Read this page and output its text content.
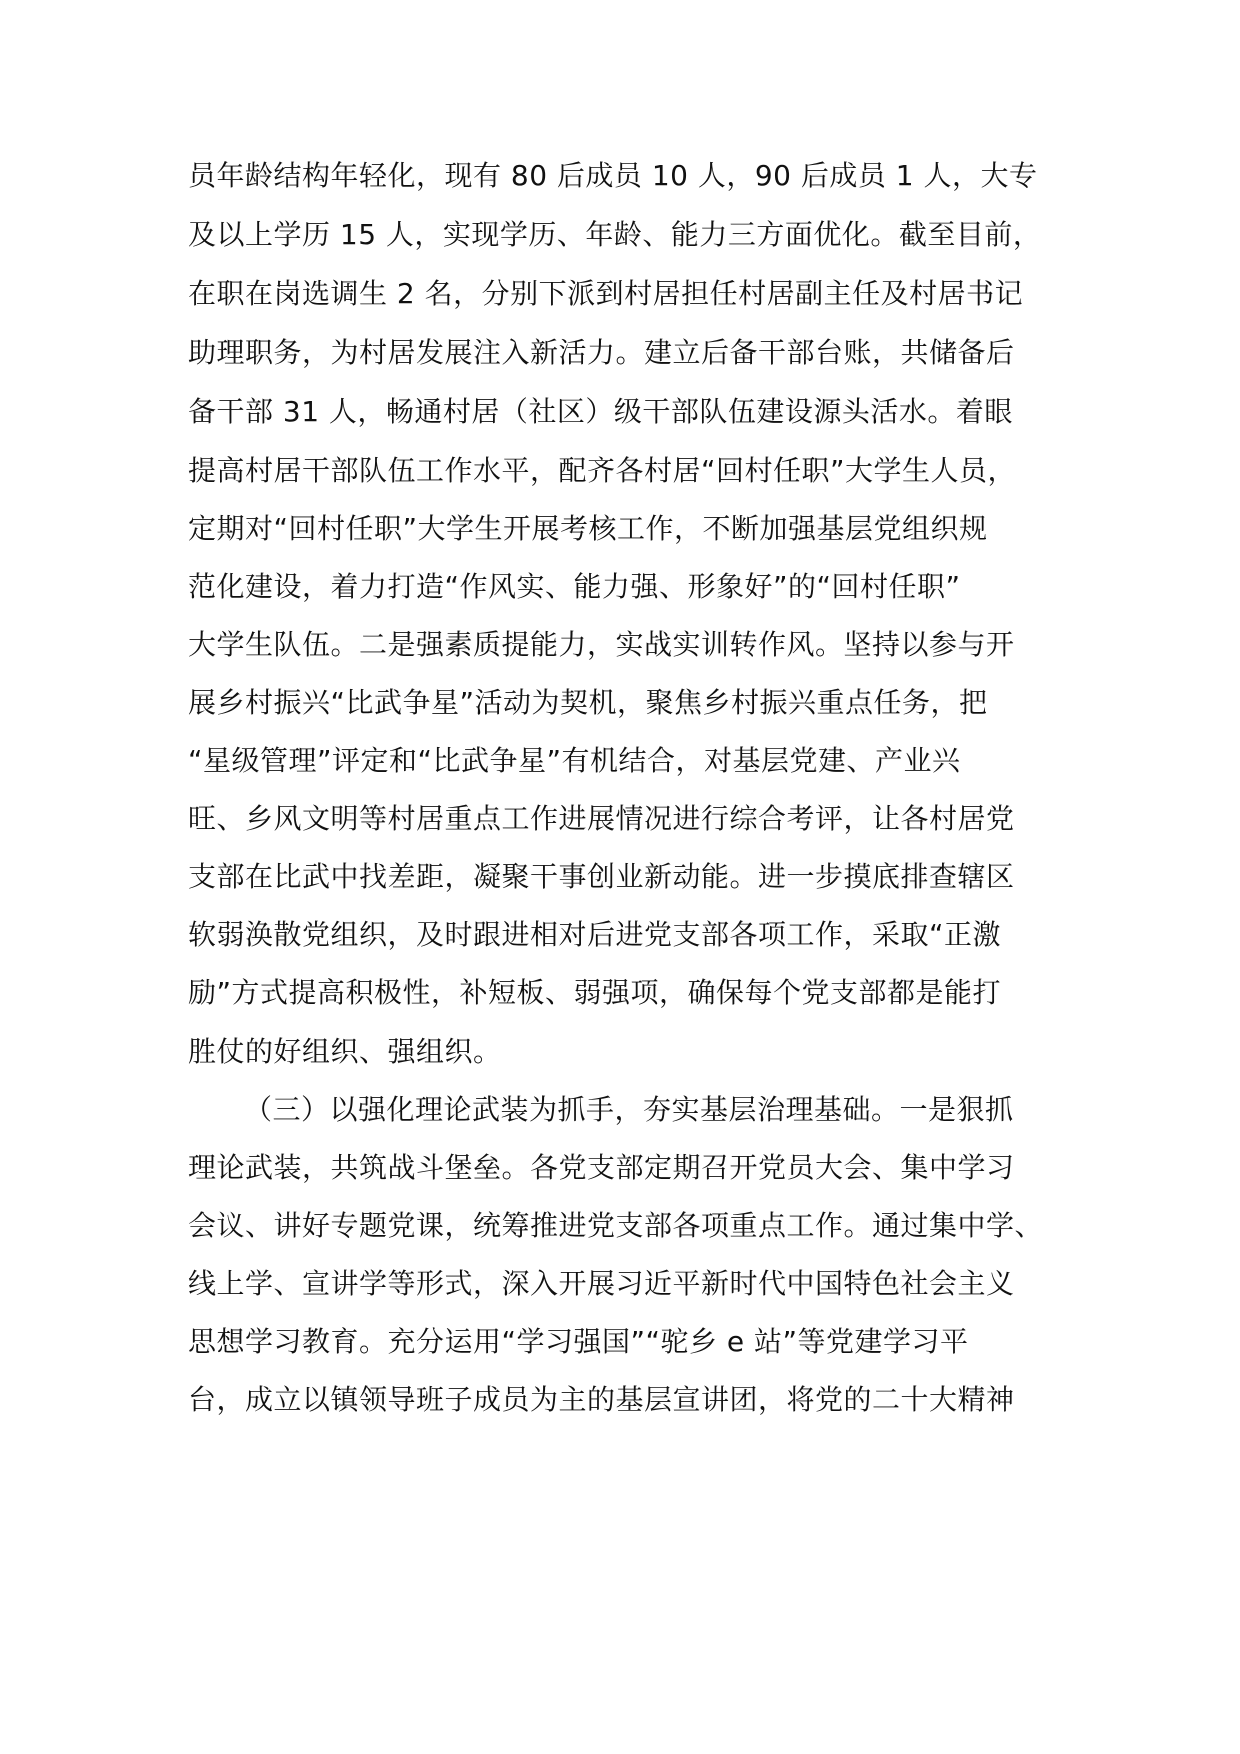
员年龄结构年轻化，现有 80 后成员 10 人，90 后成员 1 人，大专
及以上学历 15 人，实现学历、年龄、能力三方面优化。截至目前，
在职在岗选调生 2 名，分别下派到村居担任村居副主任及村居书记
助理职务，为村居发展注入新活力。建立后备干部台账，共储备后
备干部 31 人，畅通村居（社区）级干部队伍建设源头活水。着眼
提高村居干部队伍工作水平，配齐各村居“回村任职”大学生人员，
定期对“回村任职”大学生开展考核工作，不断加强基层党组织规
范化建设，着力打造“作风实、能力强、形象好”的“回村任职”
大学生队伍。二是强素质提能力，实战实训转作风。坚持以参与开
展乡村振兴“比武争星”活动为契机，聚焦乡村振兴重点任务，把
“星级管理”评定和“比武争星”有机结合，对基层党建、产业兴
旺、乡风文明等村居重点工作进展情况进行综合考评，让各村居党
支部在比武中找差距，凝聚干事创业新动能。进一步摸底排查辖区
软弱涣散党组织，及时跟进相对后进党支部各项工作，采取“正激
励”方式提高积极性，补短板、弱强项，确保每个党支部都是能打
胜仗的好组织、强组织。
（三）以强化理论武装为抓手，夯实基层治理基础。一是狠抓
理论武装，共筑战斗堡垒。各党支部定期召开党员大会、集中学习
会议、讲好专题党课，统筹推进党支部各项重点工作。通过集中学、
线上学、宣讲学等形式，深入开展习近平新时代中国特色社会主义
思想学习教育。充分运用“学习强国”“驼乡 e 站”等党建学习平
台，成立以镇领导班子成员为主的基层宣讲团，将党的二十大精神
